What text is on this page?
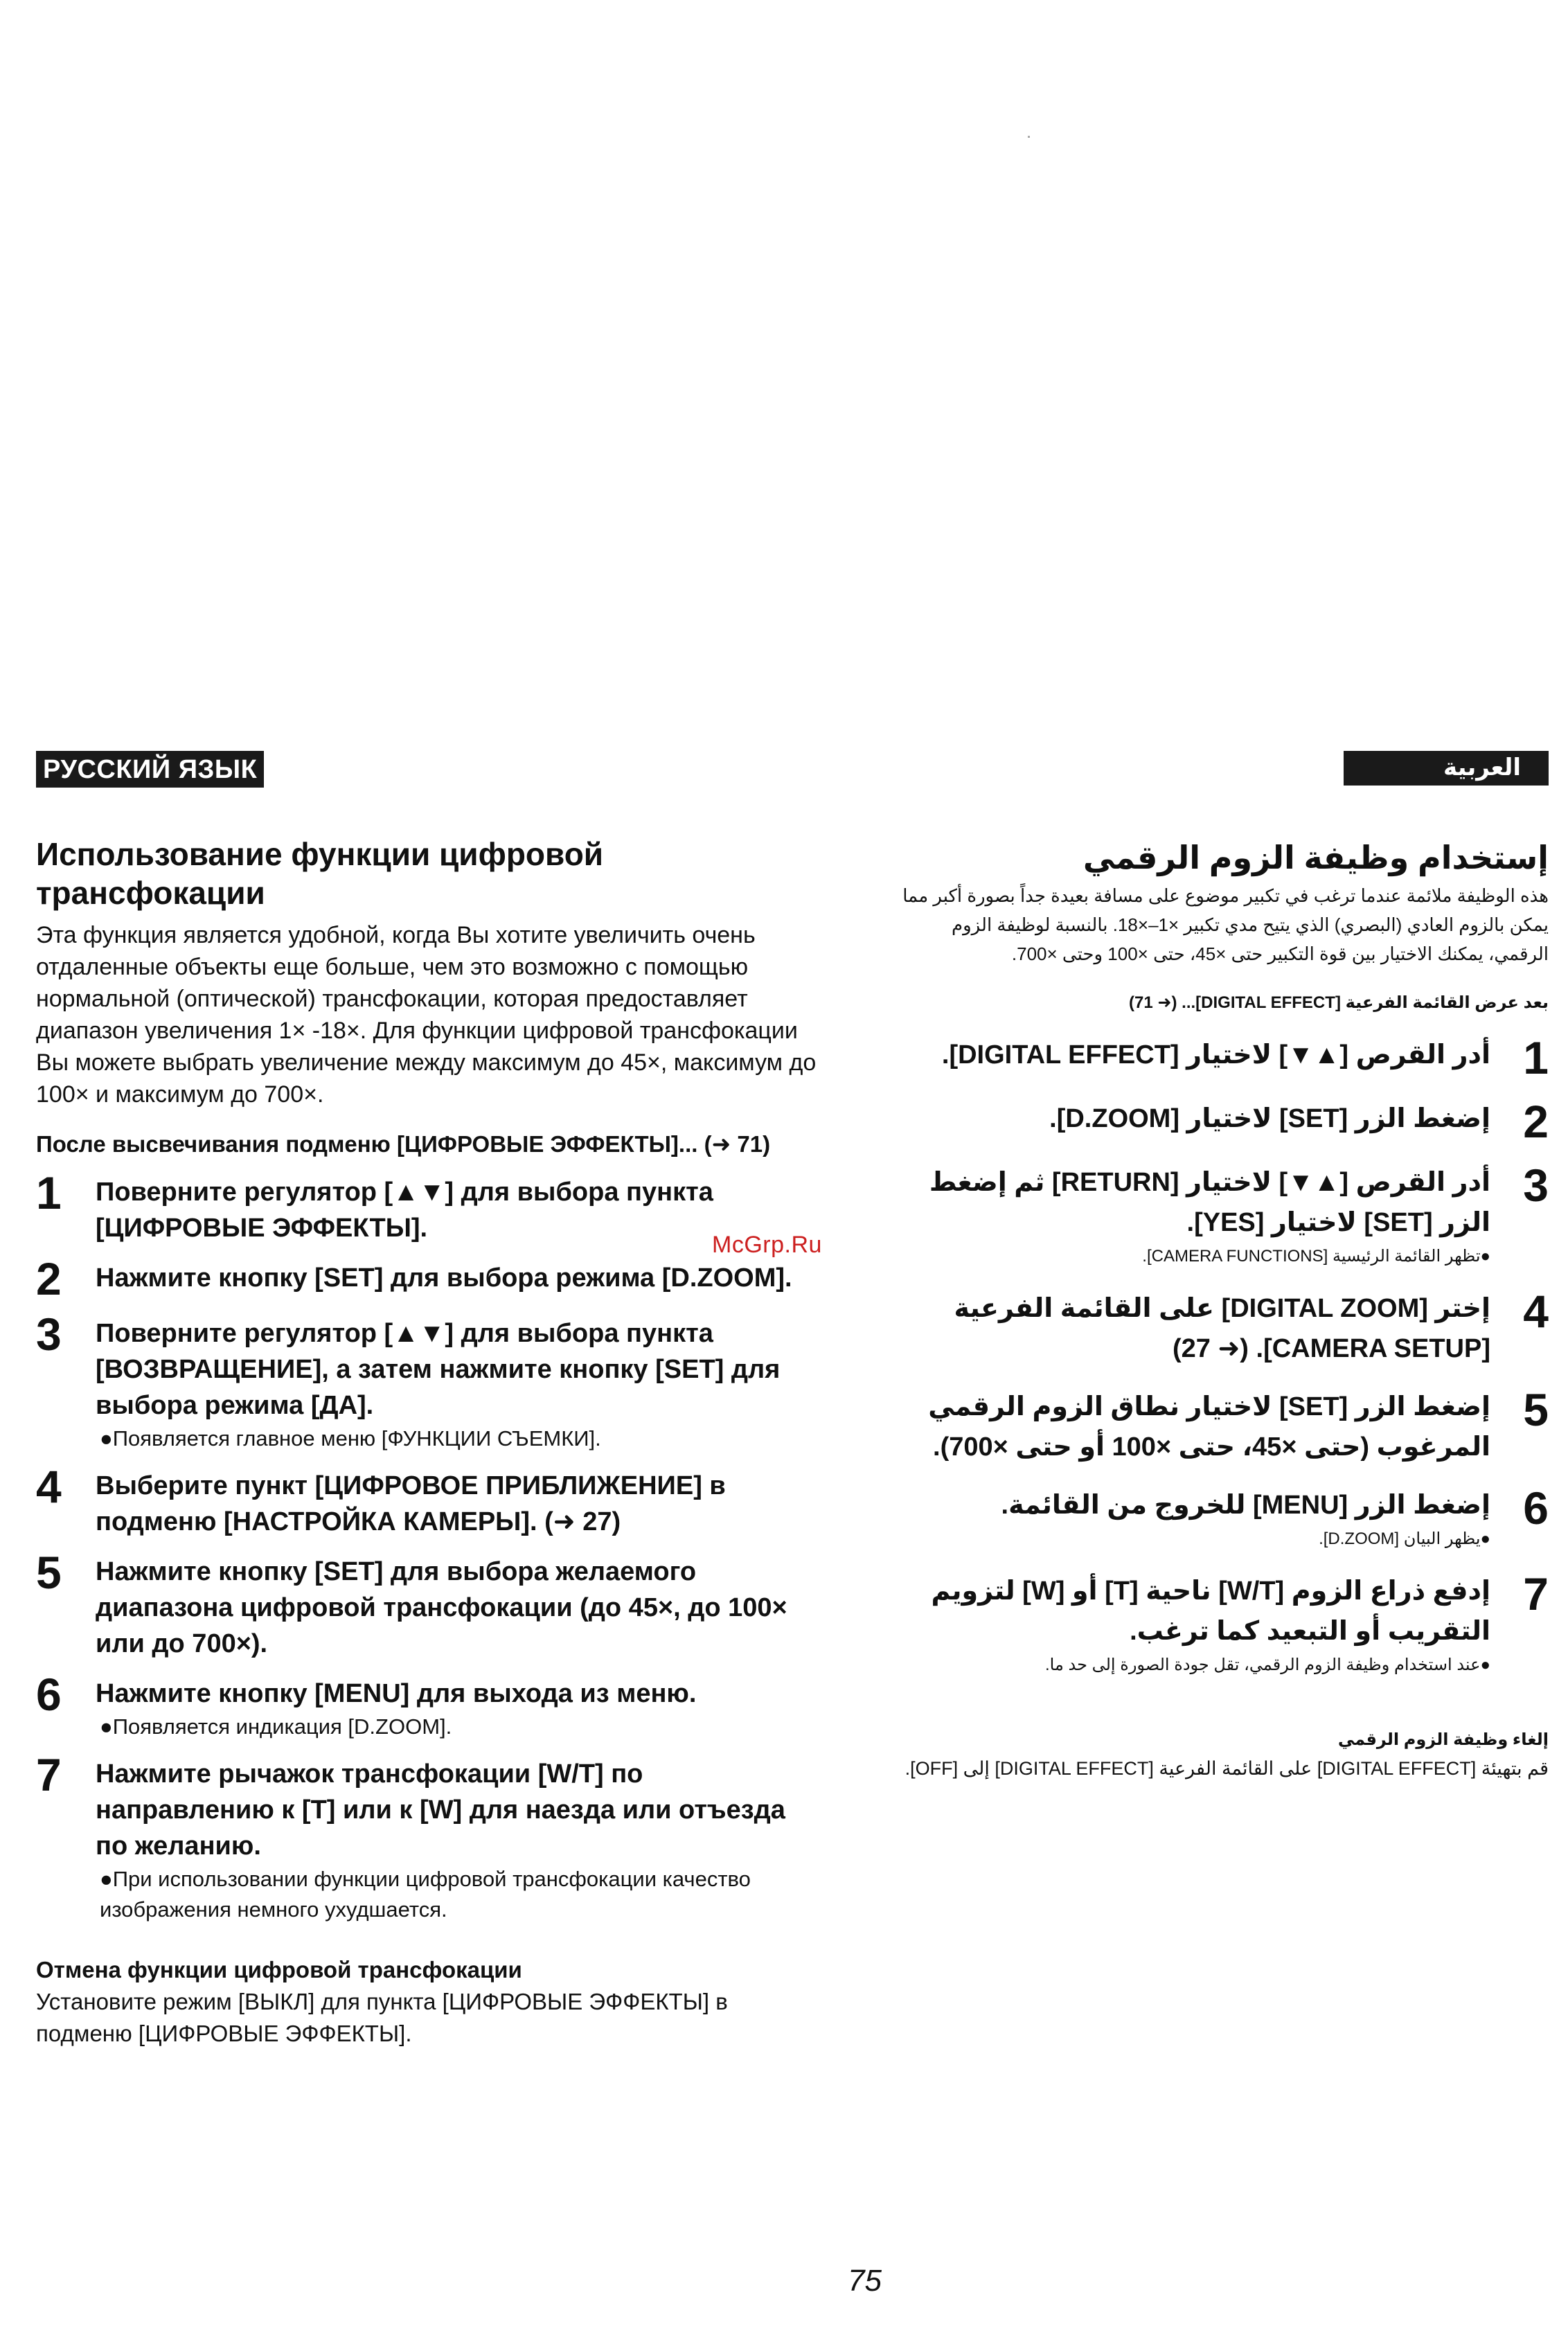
РУССКИЙ ЯЗЫК
Использование функции цифровой трансфокации
Эта функция является удобной, когда Вы хотите увеличить очень отдаленные объекты еще больше, чем это возможно с помощью нормальной (оптической) трансфокации, которая предоставляет диапазон увеличения 1× -18×. Для функции цифровой трансфокации Вы можете выбрать увеличение между максимум до 45×, максимум до 100× и максимум до 700×.
После высвечивания подменю [ЦИФРОВЫЕ ЭФФЕКТЫ]... (➜ 71)
1	Поверните регулятор [▲▼] для выбора пункта [ЦИФРОВЫЕ ЭФФЕКТЫ].
2	Нажмите кнопку [SET] для выбора режима [D.ZOOM].
3	Поверните регулятор [▲▼] для выбора пункта [ВОЗВРАЩЕНИЕ], а затем нажмите кнопку [SET] для выбора режима [ДА].
●Появляется главное меню [ФУНКЦИИ СЪЕМКИ].
4	Выберите пункт [ЦИФРОВОЕ ПРИБЛИЖЕНИЕ] в подменю [НАСТРОЙКА КАМЕРЫ]. (➜ 27)
5	Нажмите кнопку [SET] для выбора желаемого диапазона цифровой трансфокации (до 45×, до 100× или до 700×).
6	Нажмите кнопку [MENU] для выхода из меню.
●Появляется индикация [D.ZOOM].
7	Нажмите рычажок трансфокации [W/T] по направлению к [T] или к [W] для наезда или отъезда по желанию.
●При использовании функции цифровой трансфокации качество изображения немного ухудшается.
Отмена функции цифровой трансфокации
Установите режим [ВЫКЛ] для пункта [ЦИФРОВЫЕ ЭФФЕКТЫ] в подменю [ЦИФРОВЫЕ ЭФФЕКТЫ].
العربية
إستخدام وظيفة الزوم الرقمي
هذه الوظيفة ملائمة عندما ترغب في تكبير موضوع على مسافة بعيدة جداً بصورة أكبر مما يمكن بالزوم العادي (البصري) الذي يتيح مدي تكبير ×1–×18. بالنسبة لوظيفة الزوم الرقمي، يمكنك الاختيار بين قوة التكبير حتى ×45، حتى ×100 وحتى ×700.
بعد عرض القائمة الفرعية [DIGITAL EFFECT]... (➜ 71)
1
أدر القرص [▲▼] لاختيار [DIGITAL EFFECT].
2
إضغط الزر [SET] لاختيار [D.ZOOM].
3
أدر القرص [▲▼] لاختيار [RETURN] ثم إضغط الزر [SET] لاختيار [YES].
●تظهر القائمة الرئيسية [CAMERA FUNCTIONS].
4
إختر [DIGITAL ZOOM] على القائمة الفرعية [CAMERA SETUP]. (➜ 27)
5
إضغط الزر [SET] لاختيار نطاق الزوم الرقمي المرغوب (حتى ×45، حتى ×100 أو حتى ×700).
6
إضغط الزر [MENU] للخروج من القائمة.
●يظهر البيان [D.ZOOM].
7
إدفع ذراع الزوم [W/T] ناحية [T] أو [W] لتزويم التقريب أو التبعيد كما ترغب.
●عند استخدام وظيفة الزوم الرقمي، تقل جودة الصورة إلى حد ما.
إلغاء وظيفة الزوم الرقمي
قم بتهيئة [DIGITAL EFFECT] على القائمة الفرعية [DIGITAL EFFECT] إلى [OFF].
McGrp.Ru
75
